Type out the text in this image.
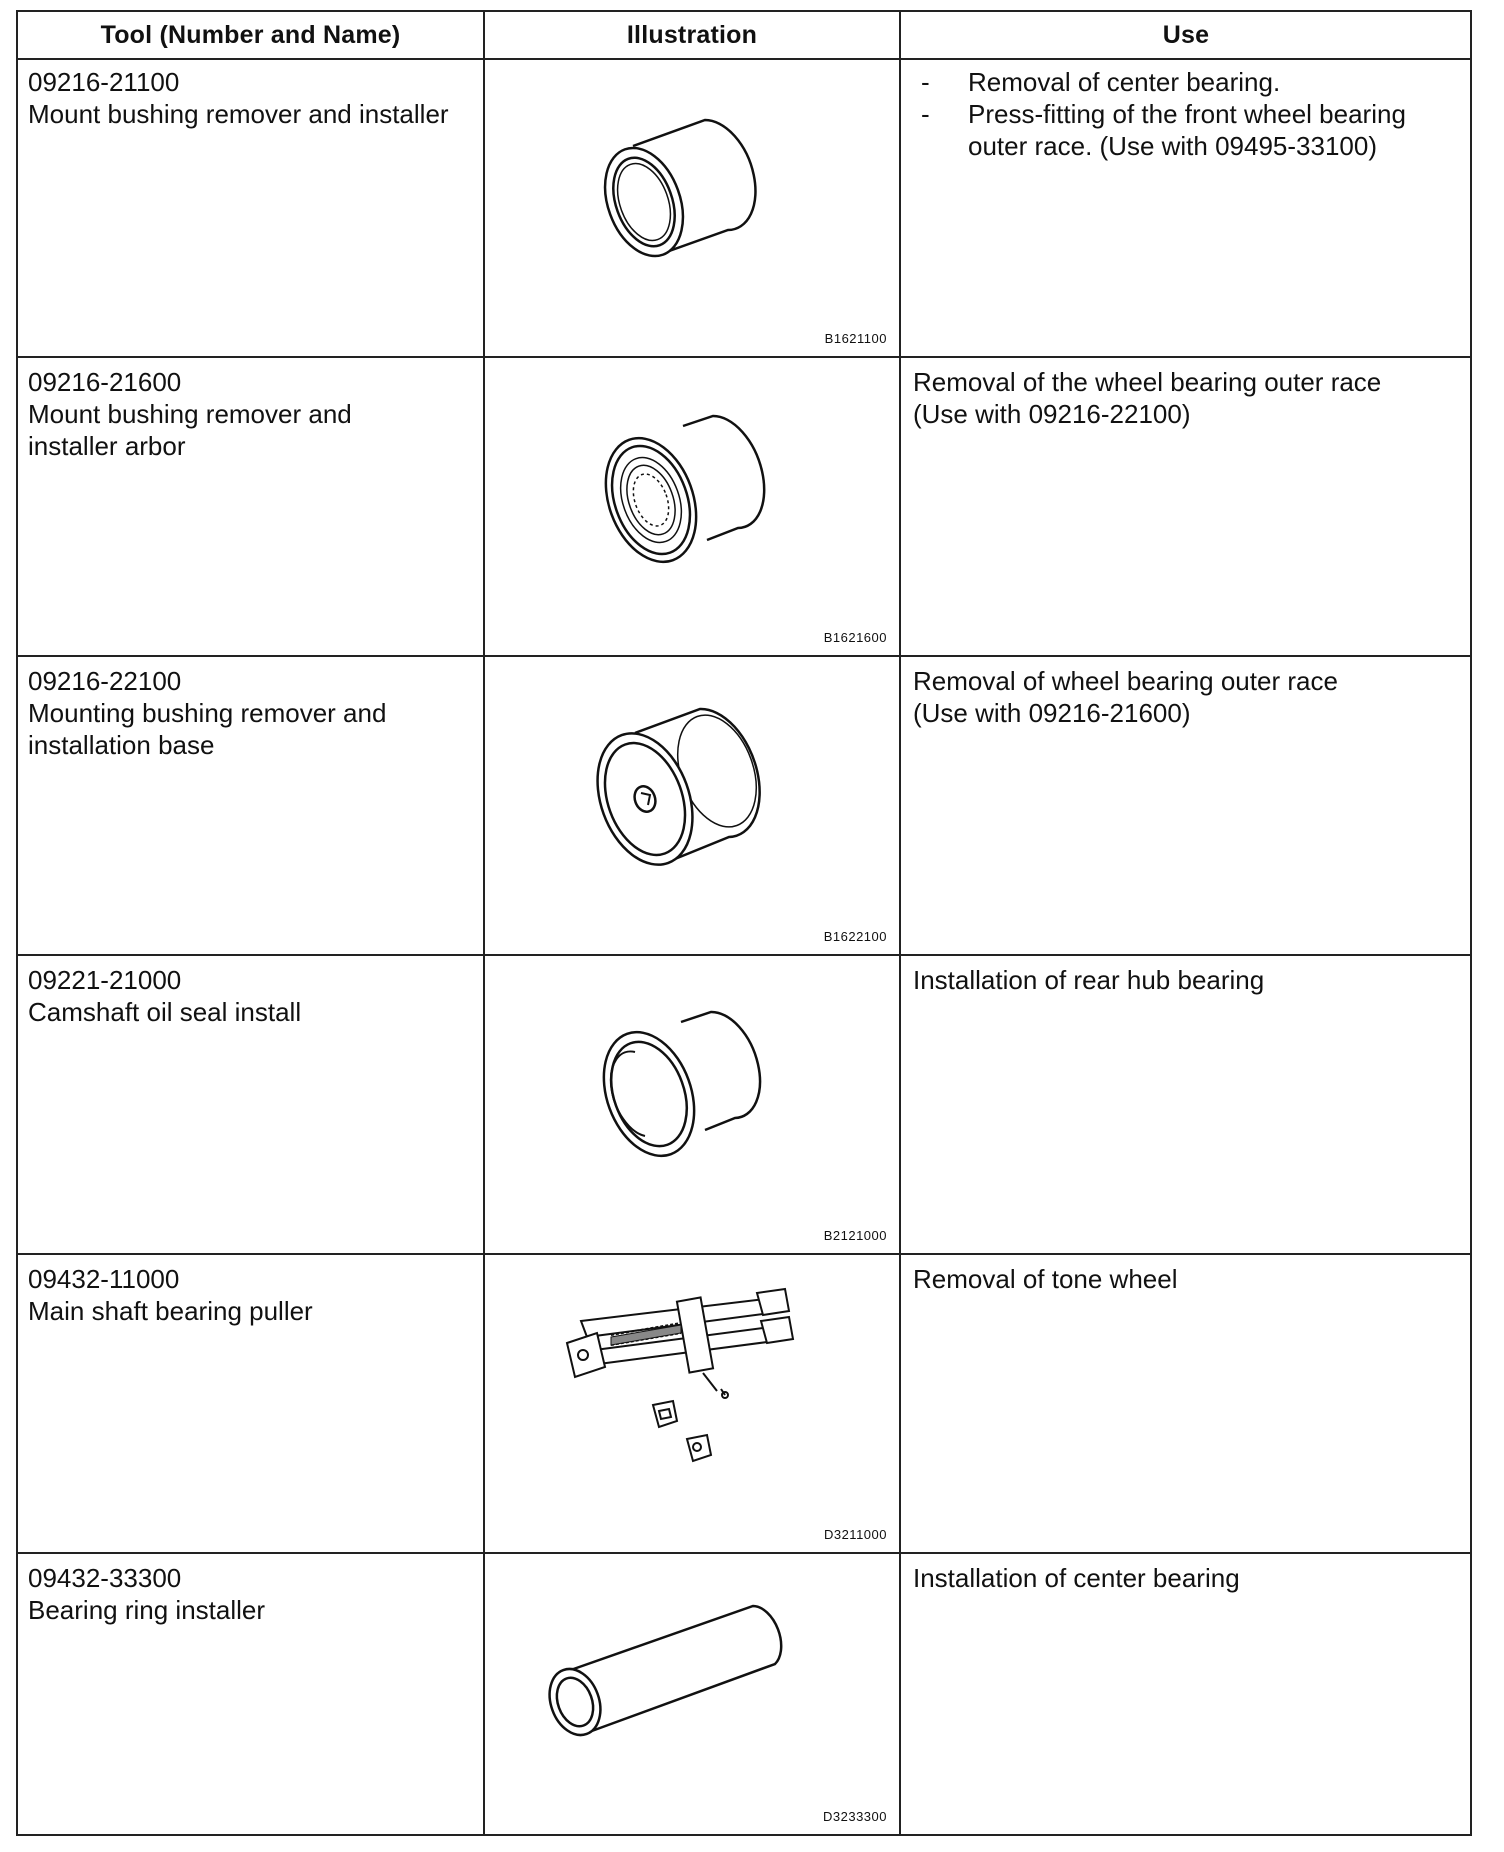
Tool (Number and Name)	Illustration	Use
09216-21100
Mount bushing remover and installer
B1621100
- Removal of center bearing.
- Press-fitting of the front wheel bearing
outer race. (Use with 09495-33100)
09216-21600
Mount bushing remover and
installer arbor
B1621600
Removal of the wheel bearing outer race
(Use with 09216-22100)
09216-22100
Mounting bushing remover and
installation base
B1622100
Removal of wheel bearing outer race
(Use with 09216-21600)
09221-21000
Camshaft oil seal install
B2121000
Installation of rear hub bearing
09432-11000
Main shaft bearing puller
D3211000
Removal of tone wheel
09432-33300
Bearing ring installer
D3233300
Installation of center bearing
